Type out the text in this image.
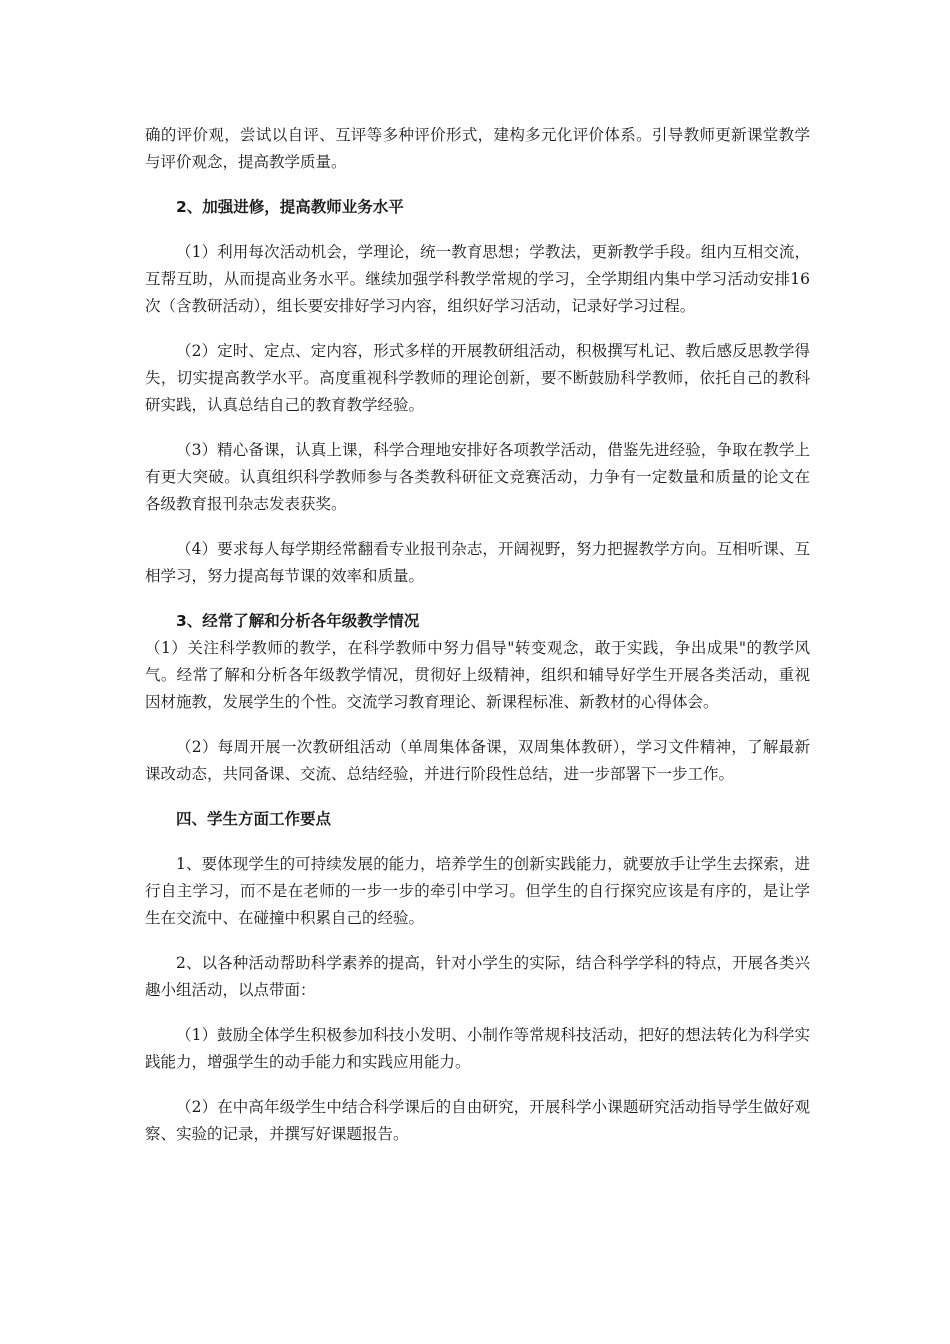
确的评价观，尝试以自评、互评等多种评价形式，建构多元化评价体系。引导教师更新课堂教学与评价观念，提高教学质量。

2、加强进修，提高教师业务水平

（1）利用每次活动机会，学理论，统一教育思想；学教法，更新教学手段。组内互相交流，互帮互助，从而提高业务水平。继续加强学科教学常规的学习，全学期组内集中学习活动安排16次（含教研活动），组长要安排好学习内容，组织好学习活动，记录好学习过程。

（2）定时、定点、定内容，形式多样的开展教研组活动，积极撰写札记、教后感反思教学得失，切实提高教学水平。高度重视科学教师的理论创新，要不断鼓励科学教师，依托自己的教科研实践，认真总结自己的教育教学经验。

（3）精心备课，认真上课，科学合理地安排好各项教学活动，借鉴先进经验，争取在教学上有更大突破。认真组织科学教师参与各类教科研征文竞赛活动，力争有一定数量和质量的论文在各级教育报刊杂志发表获奖。

（4）要求每人每学期经常翻看专业报刊杂志，开阔视野，努力把握教学方向。互相听课、互相学习，努力提高每节课的效率和质量。

3、经常了解和分析各年级教学情况

（1）关注科学教师的教学，在科学教师中努力倡导"转变观念，敢于实践，争出成果"的教学风气。经常了解和分析各年级教学情况，贯彻好上级精神，组织和辅导好学生开展各类活动，重视因材施教，发展学生的个性。交流学习教育理论、新课程标准、新教材的心得体会。

（2）每周开展一次教研组活动（单周集体备课，双周集体教研），学习文件精神，了解最新课改动态，共同备课、交流、总结经验，并进行阶段性总结，进一步部署下一步工作。

四、学生方面工作要点

1、要体现学生的可持续发展的能力，培养学生的创新实践能力，就要放手让学生去探索，进行自主学习，而不是在老师的一步一步的牵引中学习。但学生的自行探究应该是有序的，是让学生在交流中、在碰撞中积累自己的经验。

2、以各种活动帮助科学素养的提高，针对小学生的实际，结合科学学科的特点，开展各类兴趣小组活动，以点带面：

（1）鼓励全体学生积极参加科技小发明、小制作等常规科技活动，把好的想法转化为科学实践能力，增强学生的动手能力和实践应用能力。

（2）在中高年级学生中结合科学课后的自由研究，开展科学小课题研究活动指导学生做好观察、实验的记录，并撰写好课题报告。
